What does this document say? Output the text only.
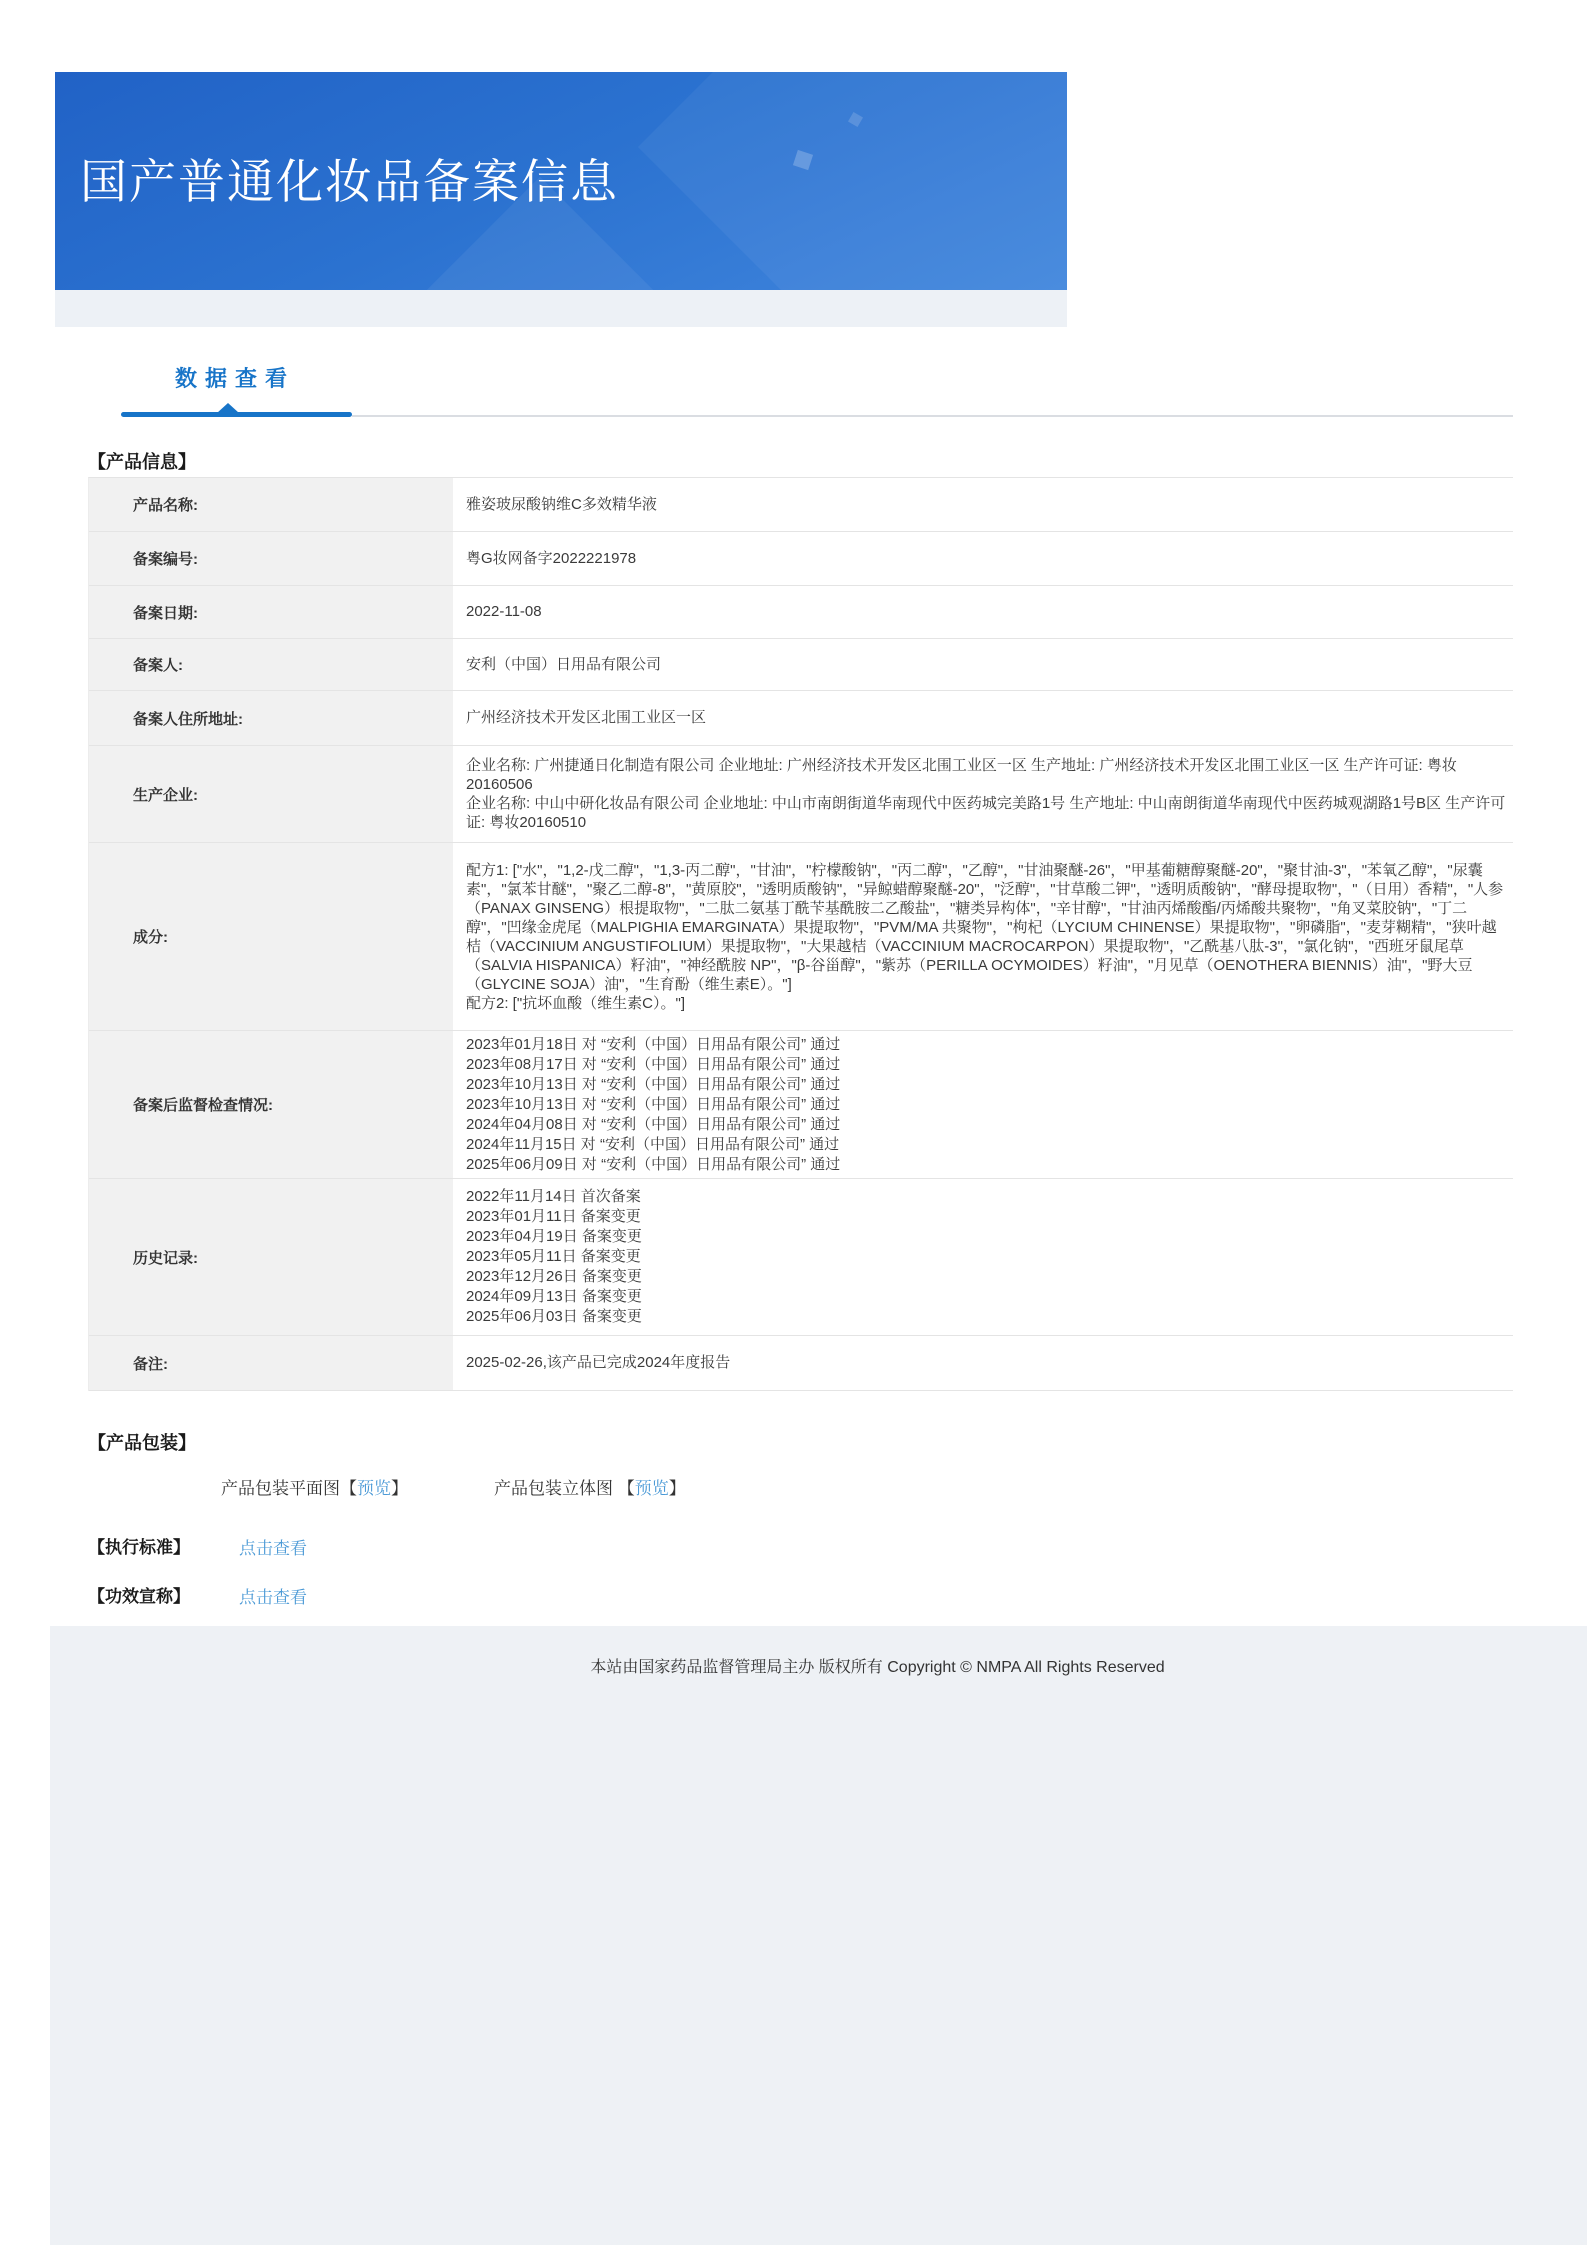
国产普通化妆品备案信息
数据查看
【产品信息】
产品名称:	雅姿玻尿酸钠维C多效精华液
备案编号:	粤G妆网备字2022221978
备案日期:	2022-11-08
备案人:	安利（中国）日用品有限公司
备案人住所地址:	广州经济技术开发区北围工业区一区
生产企业:
企业名称: 广州捷通日化制造有限公司 企业地址: 广州经济技术开发区北围工业区一区 生产地址: 广州经济技术开发区北围工业区一区 生产许可证: 粤妆20160506
企业名称: 中山中研化妆品有限公司 企业地址: 中山市南朗街道华南现代中医药城完美路1号 生产地址: 中山南朗街道华南现代中医药城观湖路1号B区 生产许可证: 粤妆20160510
成分:
配方1: ["水"，"1,2-戊二醇"，"1,3-丙二醇"，"甘油"，"柠檬酸钠"，"丙二醇"，"乙醇"，"甘油聚醚-26"，"甲基葡糖醇聚醚-20"，"聚甘油-3"，"苯氧乙醇"，"尿囊素"，"氯苯甘醚"，"聚乙二醇-8"，"黄原胶"，"透明质酸钠"，"异鲸蜡醇聚醚-20"，"泛醇"，"甘草酸二钾"，"透明质酸钠"，"酵母提取物"，"（日用）香精"，"人参（PANAX GINSENG）根提取物"，"二肽二氨基丁酰苄基酰胺二乙酸盐"，"糖类异构体"，"辛甘醇"，"甘油丙烯酸酯/丙烯酸共聚物"，"角叉菜胶钠"，"丁二醇"，"凹缘金虎尾（MALPIGHIA EMARGINATA）果提取物"，"PVM/MA 共聚物"，"枸杞（LYCIUM CHINENSE）果提取物"，"卵磷脂"，"麦芽糊精"，"狭叶越桔（VACCINIUM ANGUSTIFOLIUM）果提取物"，"大果越桔（VACCINIUM MACROCARPON）果提取物"，"乙酰基八肽-3"，"氯化钠"，"西班牙鼠尾草（SALVIA HISPANICA）籽油"，"神经酰胺 NP"，"β-谷甾醇"，"紫苏（PERILLA OCYMOIDES）籽油"，"月见草（OENOTHERA BIENNIS）油"，"野大豆（GLYCINE SOJA）油"，"生育酚（维生素E）。"]
配方2: ["抗坏血酸（维生素C）。"]
备案后监督检查情况:
2023年01月18日 对 “安利（中国）日用品有限公司” 通过
2023年08月17日 对 “安利（中国）日用品有限公司” 通过
2023年10月13日 对 “安利（中国）日用品有限公司” 通过
2023年10月13日 对 “安利（中国）日用品有限公司” 通过
2024年04月08日 对 “安利（中国）日用品有限公司” 通过
2024年11月15日 对 “安利（中国）日用品有限公司” 通过
2025年06月09日 对 “安利（中国）日用品有限公司” 通过
历史记录:
2022年11月14日 首次备案
2023年01月11日 备案变更
2023年04月19日 备案变更
2023年05月11日 备案变更
2023年12月26日 备案变更
2024年09月13日 备案变更
2025年06月03日 备案变更
备注:	2025-02-26,该产品已完成2024年度报告
【产品包装】
产品包装平面图【预览】	产品包装立体图 【预览】
【执行标准】	点击查看
【功效宣称】	点击查看
本站由国家药品监督管理局主办 版权所有 Copyright © NMPA All Rights Reserved
